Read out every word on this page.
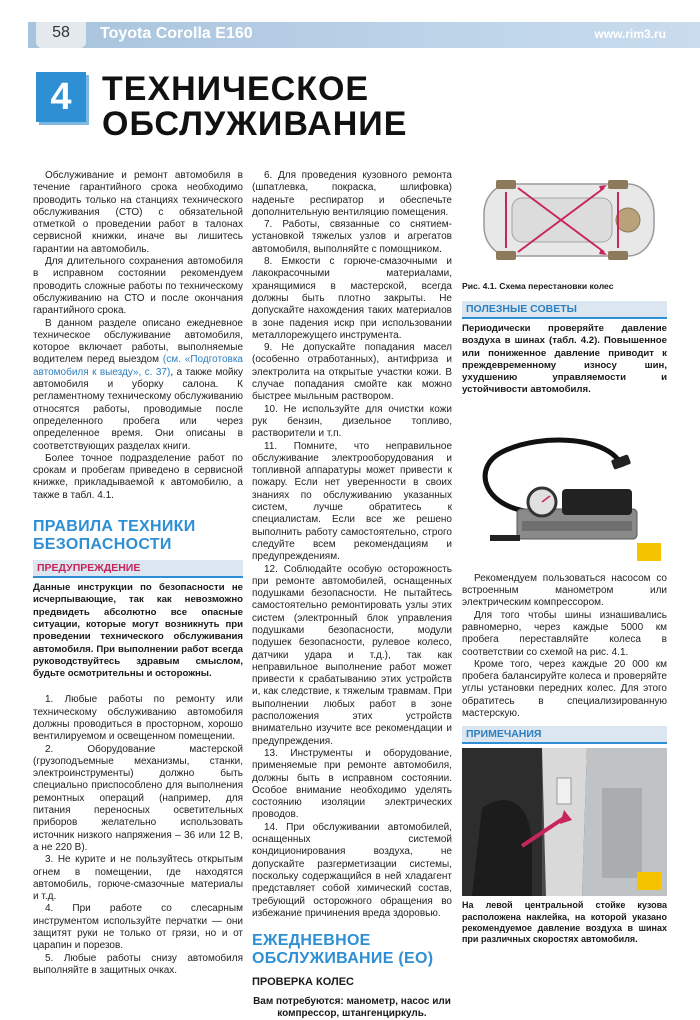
58	Toyota Corolla E160	www.rim3.ru
4 ТЕХНИЧЕСКОЕ
ОБСЛУЖИВАНИЕ

Обслуживание и ремонт автомобиля в течение гарантийного срока необходимо проводить только на станциях технического обслуживания (СТО) с обязательной отметкой о проведении работ в талонах сервисной книжки, иначе вы лишитесь гарантии на автомобиль.

Для длительного сохранения автомобиля в исправном состоянии рекомендуем проводить сложные работы по техническому обслуживанию на СТО и после окончания гарантийного срока.

В данном разделе описано ежедневное техническое обслуживание автомобиля, которое включает работы, выполняемые водителем перед выездом (см. «Подготовка автомобиля к выезду», с. 37), а также мойку автомобиля и уборку салона. К регламентному техническому обслуживанию относятся работы, проводимые после определенного пробега или через определенное время. Они описаны в соответствующих разделах книги.

Более точное подразделение работ по срокам и пробегам приведено в сервисной книжке, прикладываемой к автомобилю, а также в табл. 4.1.

ПРАВИЛА ТЕХНИКИ
БЕЗОПАСНОСТИ
ПРЕДУПРЕЖДЕНИЕ

Данные инструкции по безопасности не исчерпывающие, так как невозможно предвидеть абсолютно все опасные ситуации, которые могут возникнуть при проведении технического обслуживания автомобиля. При выполнении работ всегда руководствуйтесь здравым смыслом, будьте осмотрительны и осторожны.

1. Любые работы по ремонту или техническому обслуживанию автомобиля должны проводиться в просторном, хорошо вентилируемом и освещенном помещении.

2. Оборудование мастерской (грузоподъемные механизмы, станки, электроинструменты) должно быть специально приспособлено для выполнения ремонтных операций (например, для питания переносных осветительных приборов желательно использовать источник низкого напряжения – 36 или 12 В, а не 220 В).

3. Не курите и не пользуйтесь открытым огнем в помещении, где находятся автомобиль, горюче-смазочные материалы и т.д.

4. При работе со слесарным инструментом используйте перчатки — они защитят руки не только от грязи, но и от царапин и порезов.

5. Любые работы снизу автомобиля выполняйте в защитных очках.

6. Для проведения кузовного ремонта (шпатлевка, покраска, шлифовка) наденьте респиратор и обеспечьте дополнительную вентиляцию помещения.

7. Работы, связанные со снятием-установкой тяжелых узлов и агрегатов автомобиля, выполняйте с помощником.

8. Емкости с горюче-смазочными и лакокрасочными материалами, хранящимися в мастерской, всегда должны быть плотно закрыты. Не допускайте нахождения таких материалов в зоне падения искр при использовании металлорежущего инструмента.

9. Не допускайте попадания масел (особенно отработанных), антифриза и электролита на открытые участки кожи. В случае попадания смойте как можно быстрее мыльным раствором.

10. Не используйте для очистки кожи рук бензин, дизельное топливо, растворители и т.п.

11. Помните, что неправильное обслуживание электрооборудования и топливной аппаратуры может привести к пожару. Если нет уверенности в своих знаниях по обслуживанию указанных систем, лучше обратитесь к специалистам. Если все же решено выполнить работу самостоятельно, строго следуйте всем рекомендациям и предупреждениям.

12. Соблюдайте особую осторожность при ремонте автомобилей, оснащенных подушками безопасности. Не пытайтесь самостоятельно ремонтировать узлы этих систем (электронный блок управления подушками безопасности, модули подушек безопасности, рулевое колесо, датчики удара и т.д.), так как неправильное выполнение работ может привести к срабатыванию этих устройств и, как следствие, к тяжелым травмам. При выполнении любых работ в зоне расположения этих устройств внимательно изучите все рекомендации и предупреждения.

13. Инструменты и оборудование, применяемые при ремонте автомобиля, должны быть в исправном состоянии. Особое внимание необходимо уделять состоянию изоляции электрических проводов.

14. При обслуживании автомобилей, оснащенных системой кондиционирования воздуха, не допускайте разгерметизации системы, поскольку содержащийся в ней хладагент представляет собой химический состав, требующий осторожного обращения во избежание причинения вреда здоровью.

ЕЖЕДНЕВНОЕ
ОБСЛУЖИВАНИЕ (ЕО)
ПРОВЕРКА КОЛЕС

Вам потребуются: манометр, насос или компрессор, штангенциркуль.

Рис. 4.1. Схема перестановки колес
ПОЛЕЗНЫЕ СОВЕТЫ

Периодически проверяйте давление воздуха в шинах (табл. 4.2). Повышенное или пониженное давление приводит к преждевременному износу шин, ухудшению управляемости и устойчивости автомобиля.

Рекомендуем пользоваться насосом со встроенным манометром или электрическим компрессором.

Для того чтобы шины изнашивались равномерно, через каждые 5000 км пробега переставляйте колеса в соответствии со схемой на рис. 4.1.

Кроме того, через каждые 20 000 км пробега балансируйте колеса и проверяйте углы установки передних колес. Для этого обратитесь в специализированную мастерскую.

ПРИМЕЧАНИЯ

На левой центральной стойке кузова расположена наклейка, на которой указано рекомендуемое давление воздуха в шинах при различных скоростях автомобиля.
